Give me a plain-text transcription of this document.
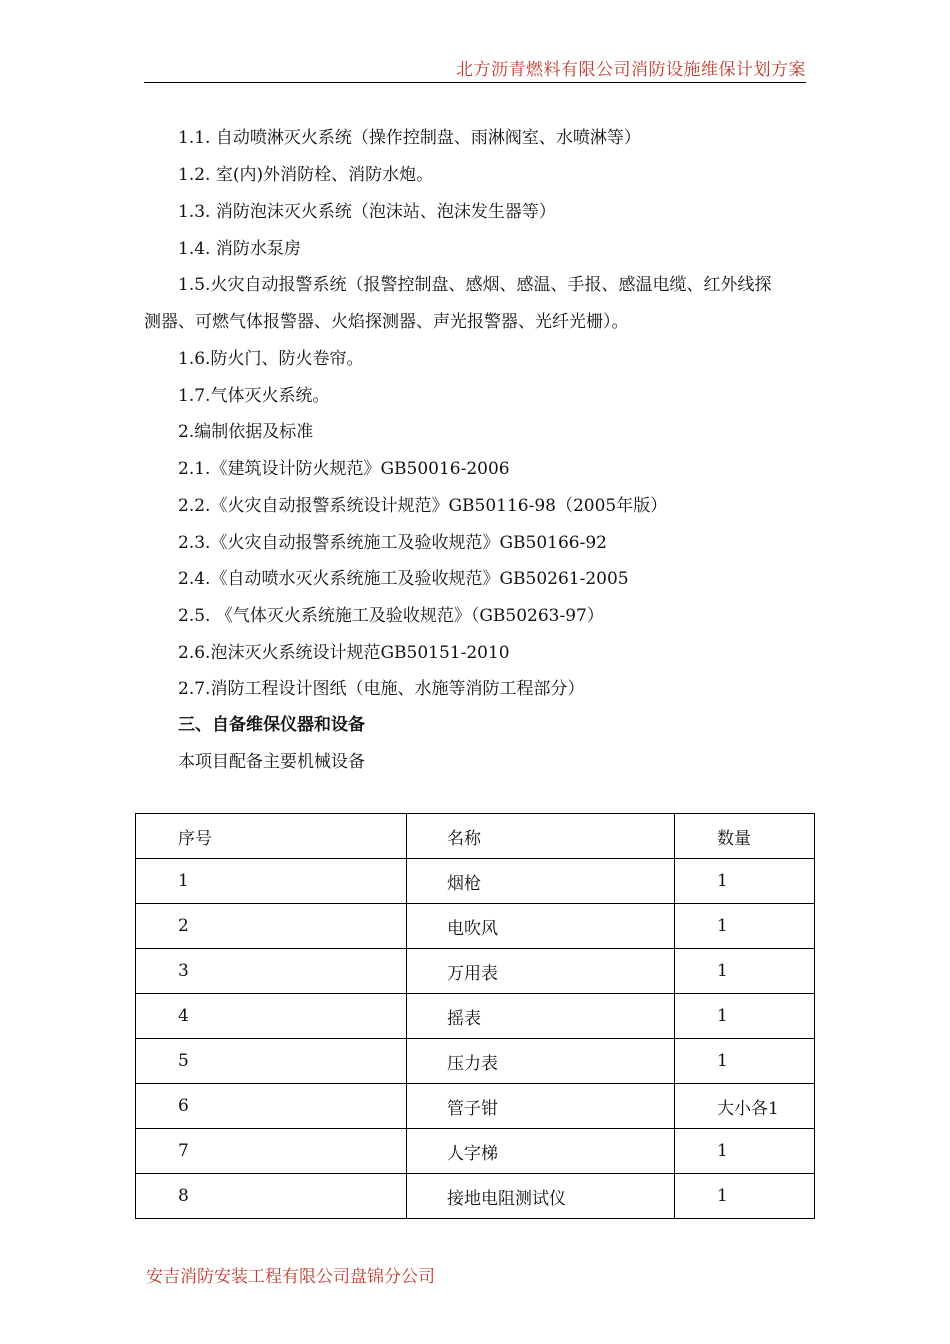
北方沥青燃料有限公司消防设施维保计划方案
1.1. 自动喷淋灭火系统（操作控制盘、雨淋阀室、水喷淋等）
1.2. 室(内)外消防栓、消防水炮。
1.3. 消防泡沫灭火系统（泡沫站、泡沫发生器等）
1.4. 消防水泵房
1.5.火灾自动报警系统（报警控制盘、感烟、感温、手报、感温电缆、红外线探
测器、可燃气体报警器、火焰探测器、声光报警器、光纤光栅）。
1.6.防火门、防火卷帘。
1.7.气体灭火系统。
2.编制依据及标准
2.1.《建筑设计防火规范》GB50016-2006
2.2.《火灾自动报警系统设计规范》GB50116-98（2005年版）
2.3.《火灾自动报警系统施工及验收规范》GB50166-92
2.4.《自动喷水灭火系统施工及验收规范》GB50261-2005
2.5. 《气体灭火系统施工及验收规范》（GB50263-97）
2.6.泡沫灭火系统设计规范GB50151-2010
2.7.消防工程设计图纸（电施、水施等消防工程部分）
三、自备维保仪器和设备
本项目配备主要机械设备
序号	名称	数量
1	烟枪	1
2	电吹风	1
3	万用表	1
4	摇表	1
5	压力表	1
6	管子钳	大小各1
7	人字梯	1
8	接地电阻测试仪	1
安吉消防安装工程有限公司盘锦分公司
